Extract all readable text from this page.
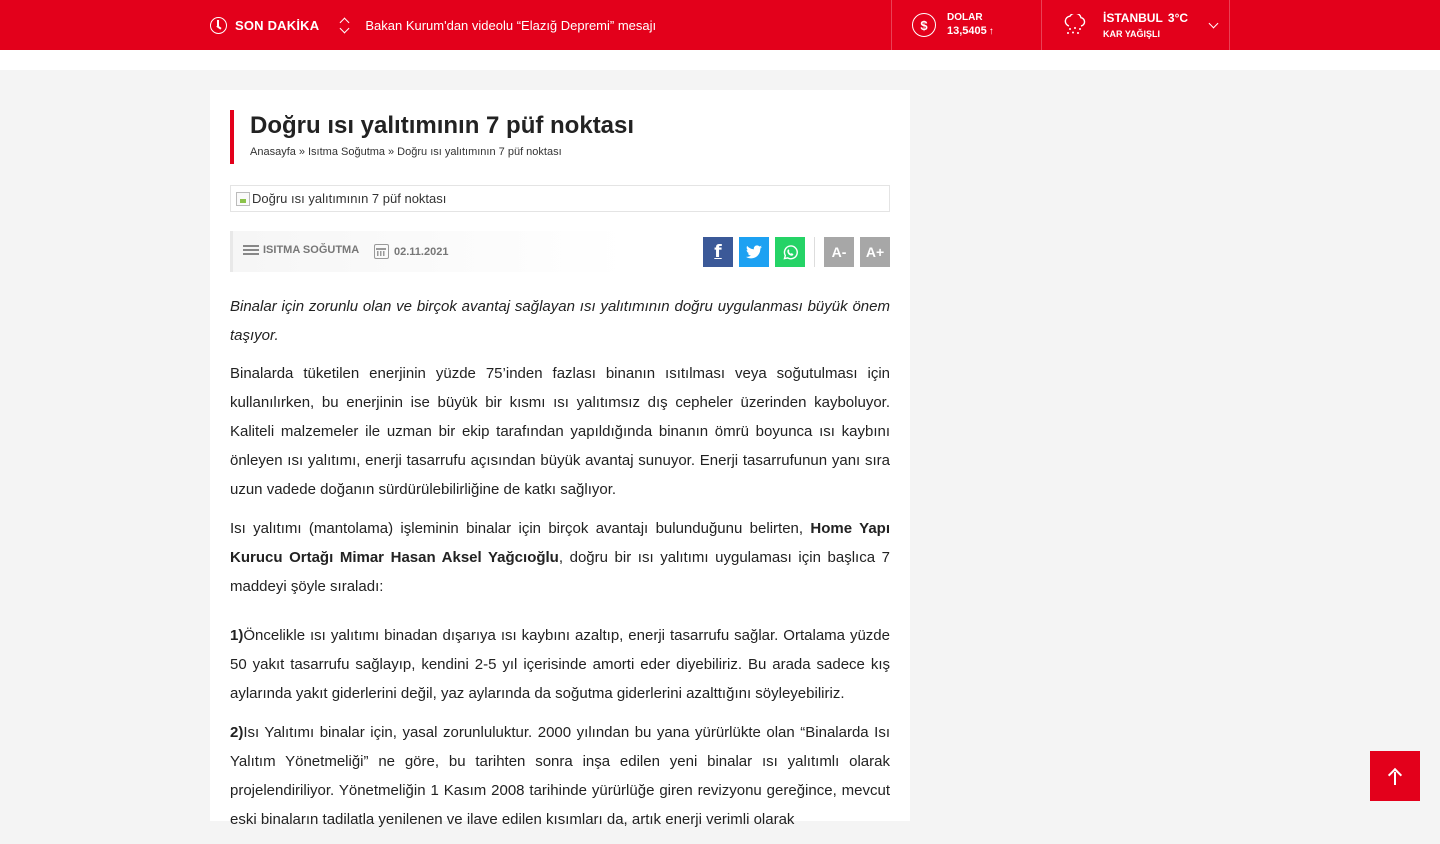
SON DAKİKA	Bakan Kurum'dan videolu “Elazığ Depremi” mesajı	$	DOLAR
13,5405 ↑
İSTANBUL 3°C
KAR YAĞIŞLI
Doğru ısı yalıtımının 7 püf noktası
Anasayfa » Isıtma Soğutma » Doğru ısı yalıtımının 7 püf noktası
Doğru ısı yalıtımının 7 püf noktası
ISITMA SOĞUTMA	02.11.2021	f	A-	A+

Binalar için zorunlu olan ve birçok avantaj sağlayan ısı yalıtımının doğru uygulanması büyük önem taşıyor.

Binalarda tüketilen enerjinin yüzde 75’inden fazlası binanın ısıtılması veya soğutulması için kullanılırken, bu enerjinin ise büyük bir kısmı ısı yalıtımsız dış cepheler üzerinden kayboluyor. Kaliteli malzemeler ile uzman bir ekip tarafından yapıldığında binanın ömrü boyunca ısı kaybını önleyen ısı yalıtımı, enerji tasarrufu açısından büyük avantaj sunuyor. Enerji tasarrufunun yanı sıra uzun vadede doğanın sürdürülebilirliğine de katkı sağlıyor.

Isı yalıtımı (mantolama) işleminin binalar için birçok avantajı bulunduğunu belirten, Home Yapı Kurucu Ortağı Mimar Hasan Aksel Yağcıoğlu, doğru bir ısı yalıtımı uygulaması için başlıca 7 maddeyi şöyle sıraladı:

1)Öncelikle ısı yalıtımı binadan dışarıya ısı kaybını azaltıp, enerji tasarrufu sağlar. Ortalama yüzde 50 yakıt tasarrufu sağlayıp, kendini 2-5 yıl içerisinde amorti eder diyebiliriz. Bu arada sadece kış aylarında yakıt giderlerini değil, yaz aylarında da soğutma giderlerini azalttığını söyleyebiliriz.

2)Isı Yalıtımı binalar için, yasal zorunluluktur. 2000 yılından bu yana yürürlükte olan “Binalarda Isı Yalıtım Yönetmeliği” ne göre, bu tarihten sonra inşa edilen yeni binalar ısı yalıtımlı olarak projelendiriliyor. Yönetmeliğin 1 Kasım 2008 tarihinde yürürlüğe giren revizyonu gereğince, mevcut eski binaların tadilatla yenilenen ve ilave edilen kısımları da, artık enerji verimli olarak
